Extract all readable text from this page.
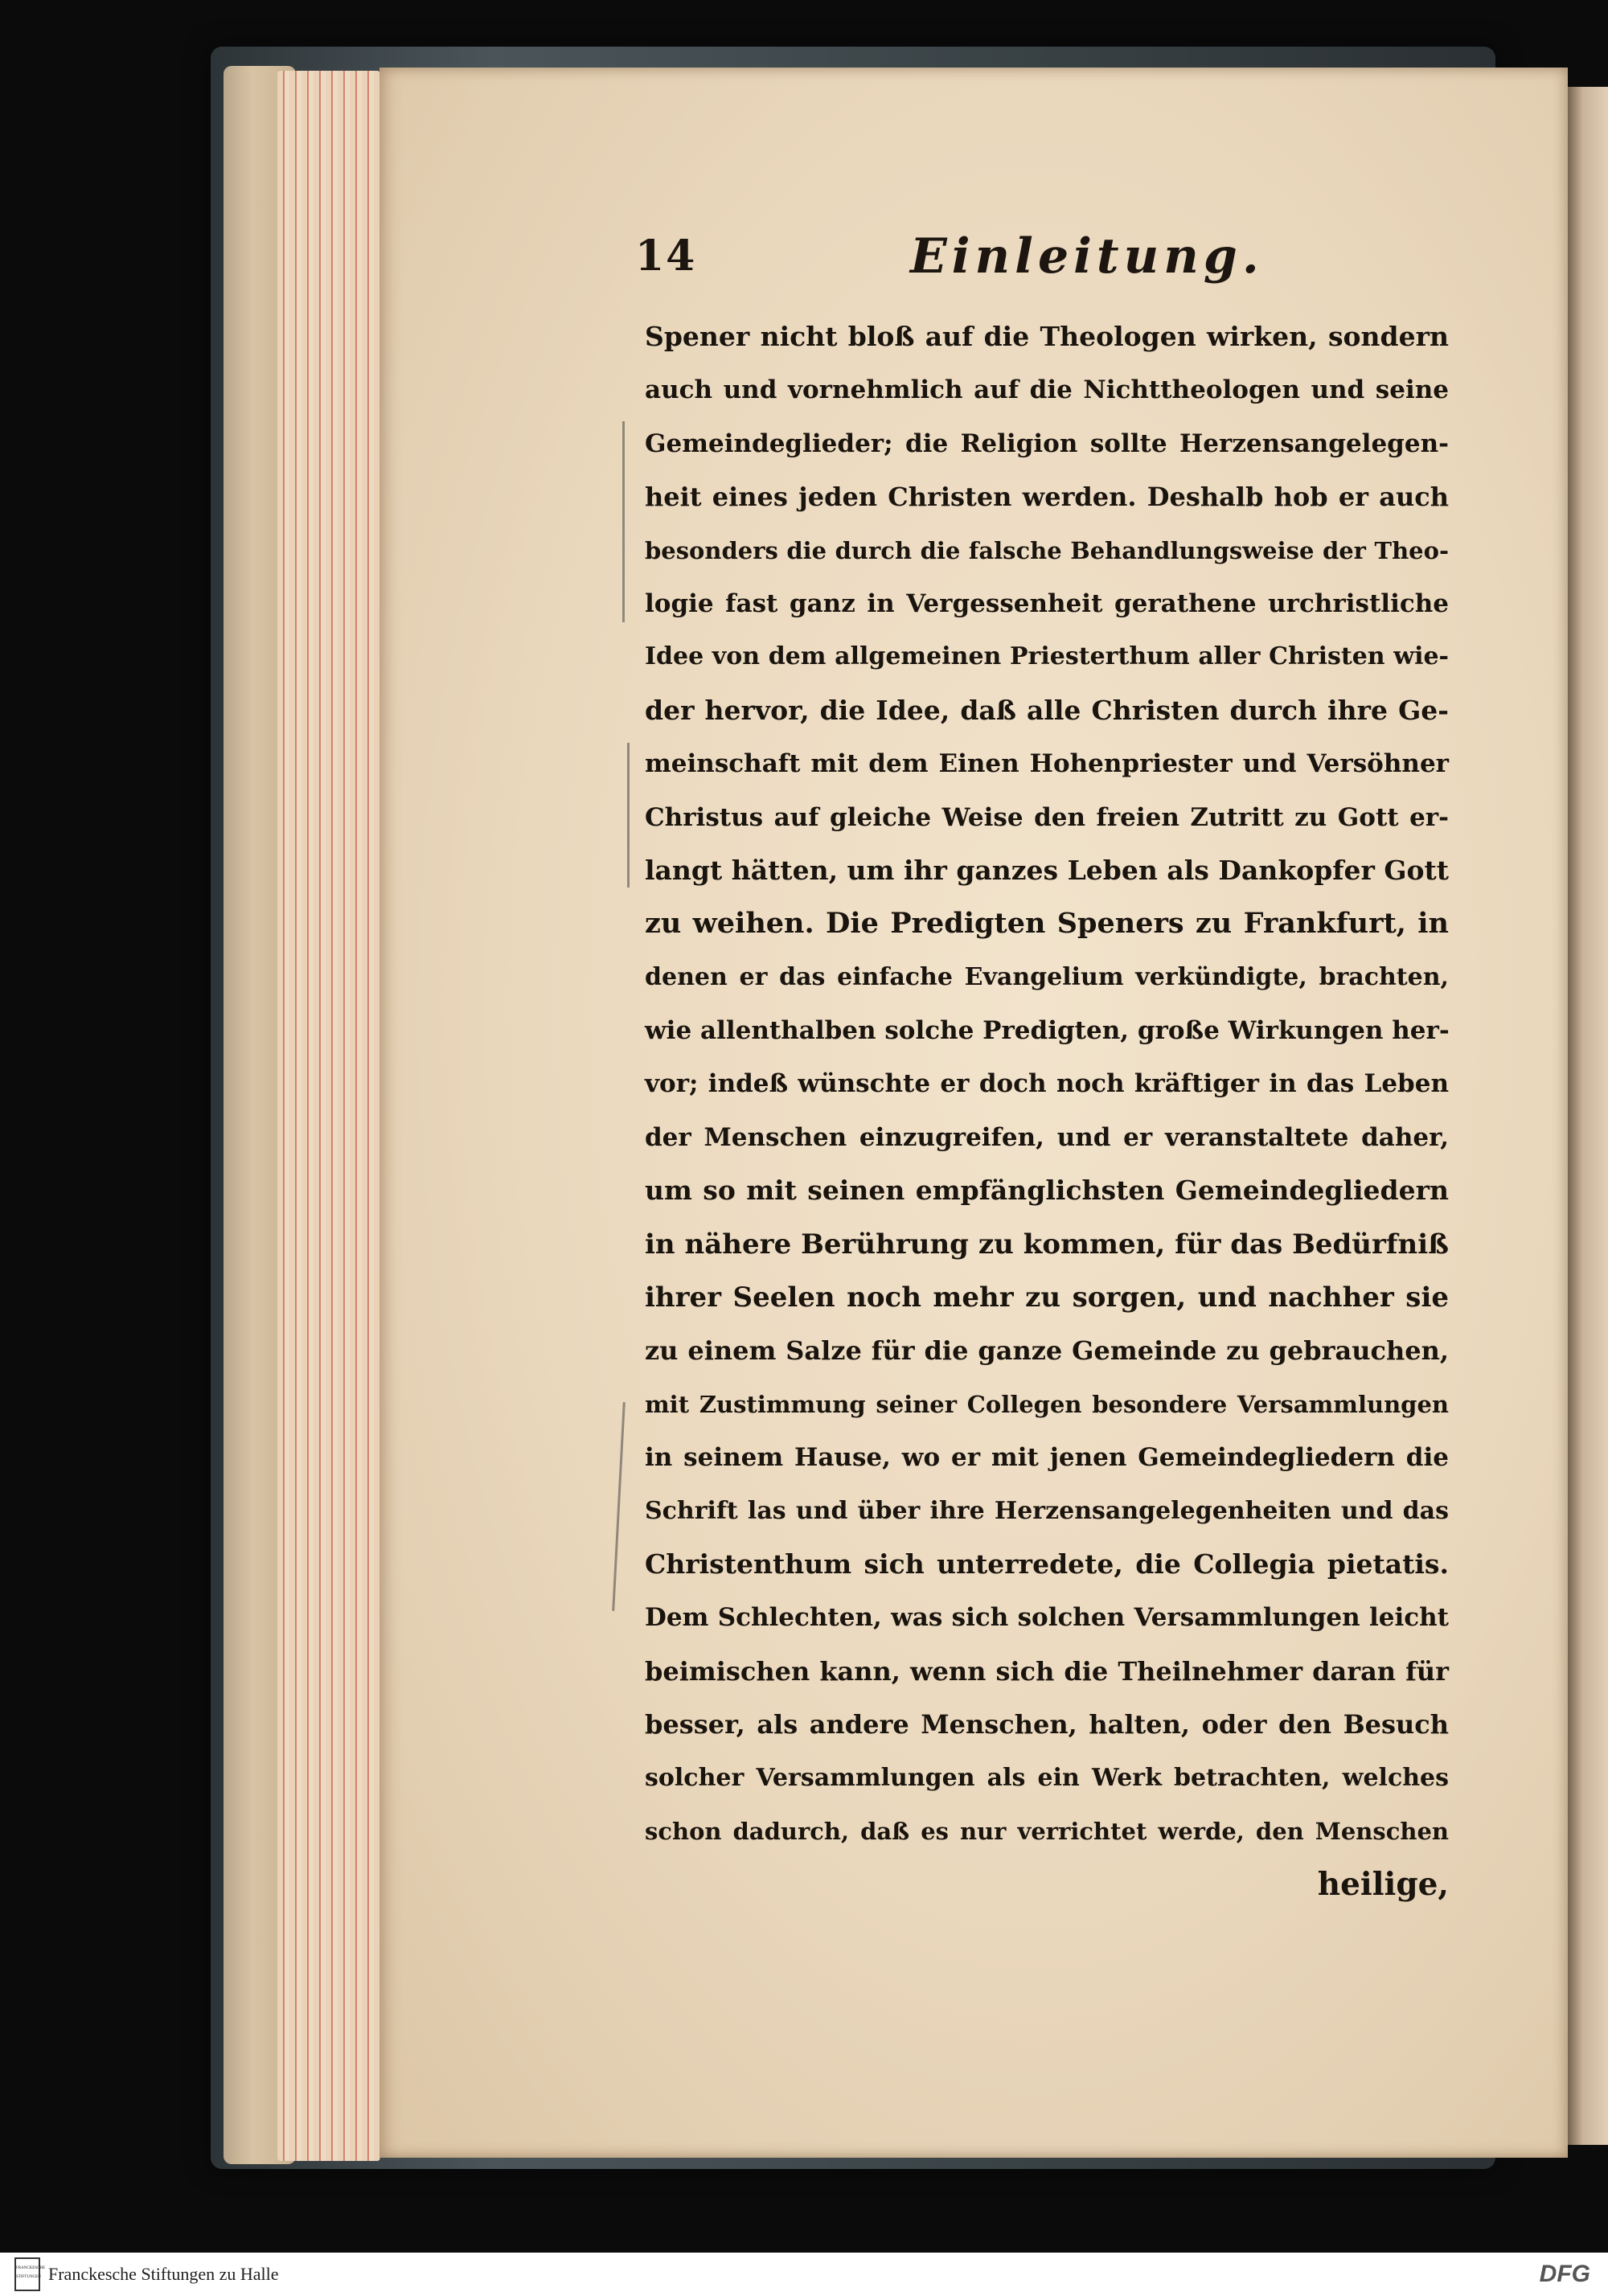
14	Einleitung.
Spener nicht bloß auf die Theologen wirken, sondern
auch und vornehmlich auf die Nichttheologen und seine
Gemeindeglieder; die Religion sollte Herzensangelegen-
heit eines jeden Christen werden. Deshalb hob er auch
besonders die durch die falsche Behandlungsweise der Theo-
logie fast ganz in Vergessenheit gerathene urchristliche
Idee von dem allgemeinen Priesterthum aller Christen wie-
der hervor, die Idee, daß alle Christen durch ihre Ge-
meinschaft mit dem Einen Hohenpriester und Versöhner
Christus auf gleiche Weise den freien Zutritt zu Gott er-
langt hätten, um ihr ganzes Leben als Dankopfer Gott
zu weihen. Die Predigten Speners zu Frankfurt, in
denen er das einfache Evangelium verkündigte, brachten,
wie allenthalben solche Predigten, große Wirkungen her-
vor; indeß wünschte er doch noch kräftiger in das Leben
der Menschen einzugreifen, und er veranstaltete daher,
um so mit seinen empfänglichsten Gemeindegliedern
in nähere Berührung zu kommen, für das Bedürfniß
ihrer Seelen noch mehr zu sorgen, und nachher sie
zu einem Salze für die ganze Gemeinde zu gebrauchen,
mit Zustimmung seiner Collegen besondere Versammlungen
in seinem Hause, wo er mit jenen Gemeindegliedern die
Schrift las und über ihre Herzensangelegenheiten und das
Christenthum sich unterredete, die Collegia pietatis.
Dem Schlechten, was sich solchen Versammlungen leicht
beimischen kann, wenn sich die Theilnehmer daran für
besser, als andere Menschen, halten, oder den Besuch
solcher Versammlungen als ein Werk betrachten, welches
schon dadurch, daß es nur verrichtet werde, den Menschen
heilige,
FRANCKESCHE STIFTUNGEN Franckesche Stiftungen zu Halle	DFG
